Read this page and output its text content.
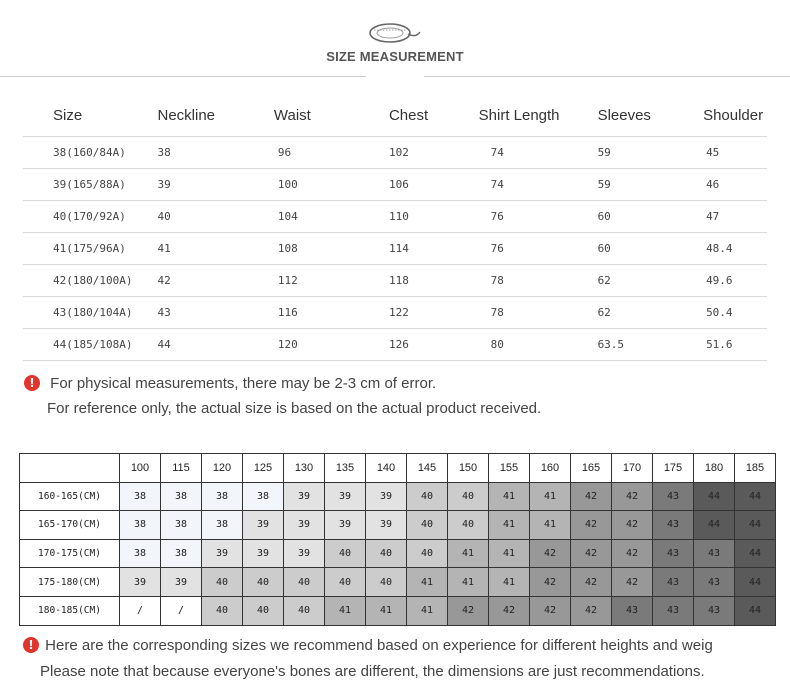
SIZE MEASUREMENT
Size	Neckline	Waist	Chest	Shirt Length	Sleeves	Shoulder
38(160/84A)	38	96	102	74	59	45
39(165/88A)	39	100	106	74	59	46
40(170/92A)	40	104	110	76	60	47
41(175/96A)	41	108	114	76	60	48.4
42(180/100A)	42	112	118	78	62	49.6
43(180/104A)	43	116	122	78	62	50.4
44(185/108A)	44	120	126	80	63.5	51.6
! For physical measurements, there may be 2-3 cm of error.
For reference only, the actual size is based on the actual product received.
	100	115	120	125	130	135	140	145	150	155	160	165	170	175	180	185
160-165(CM)	38	38	38	38	39	39	39	40	40	41	41	42	42	43	44	44
165-170(CM)	38	38	38	39	39	39	39	40	40	41	41	42	42	43	44	44
170-175(CM)	38	38	39	39	39	40	40	40	41	41	42	42	42	43	43	44
175-180(CM)	39	39	40	40	40	40	40	41	41	41	42	42	42	43	43	44
180-185(CM)	/	/	40	40	40	41	41	41	42	42	42	42	43	43	43	44
! Here are the corresponding sizes we recommend based on experience for different heights and weig
Please note that because everyone's bones are different, the dimensions are just recommendations.
